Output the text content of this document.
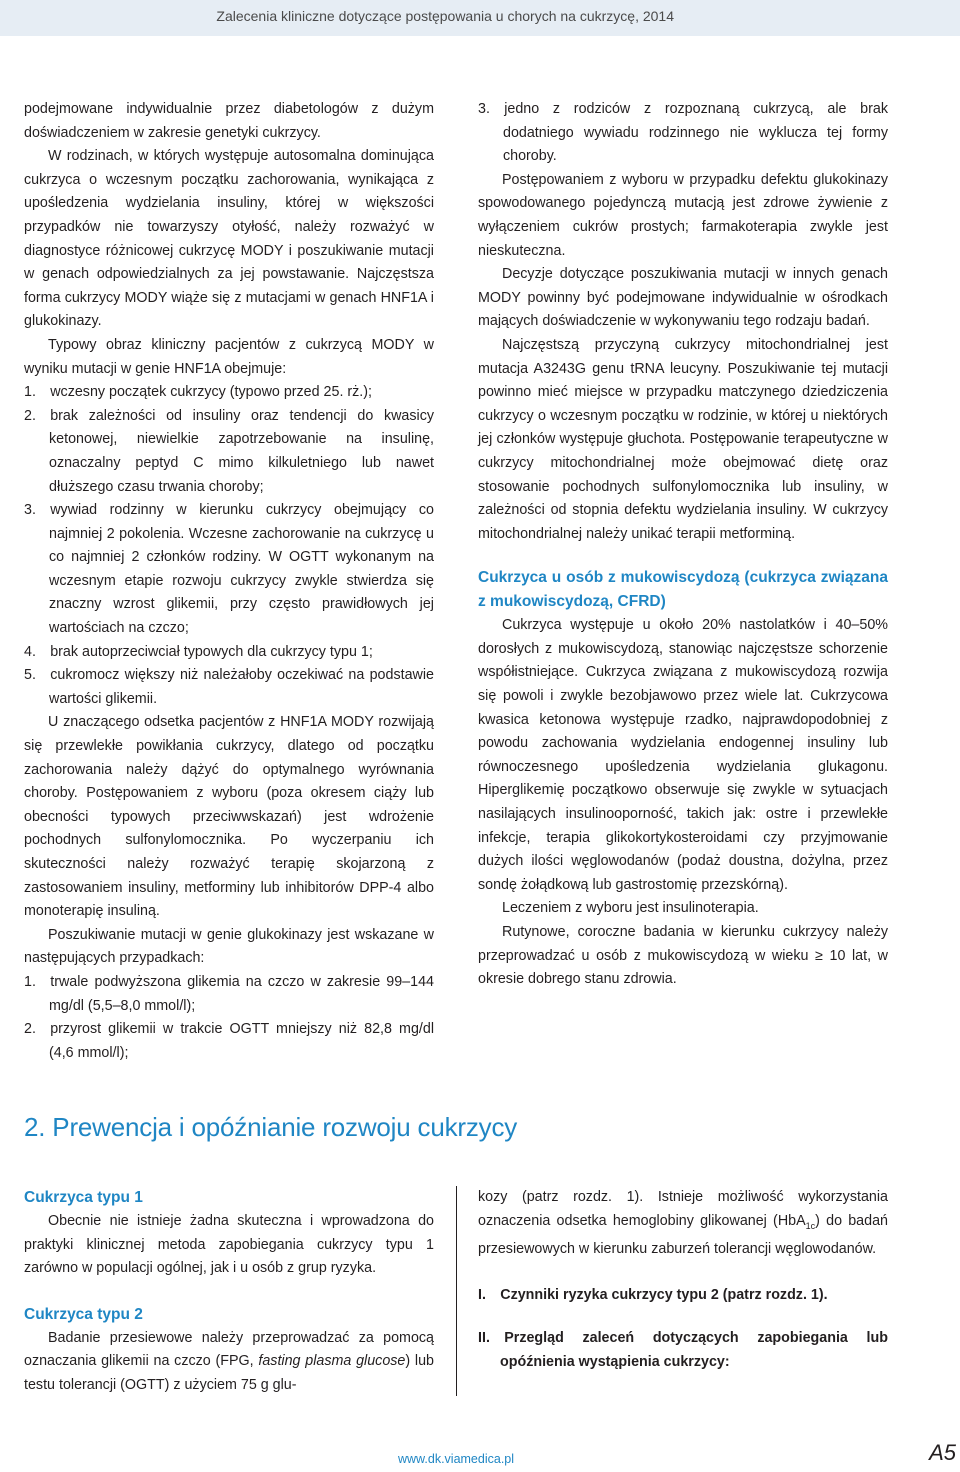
Zalecenia kliniczne dotyczące postępowania u chorych na cukrzycę, 2014

podejmowane indywidualnie przez diabetologów z dużym doświadczeniem w zakresie genetyki cukrzycy.

W rodzinach, w których występuje autosomalna dominująca cukrzyca o wczesnym początku zachorowania, wynikająca z upośledzenia wydzielania insuliny, której w większości przypadków nie towarzyszy otyłość, należy rozważyć w diagnostyce różnicowej cukrzycę MODY i poszukiwanie mutacji w genach odpowiedzialnych za jej powstawanie. Najczęstsza forma cukrzycy MODY wiąże się z mutacjami w genach HNF1A i glukokinazy.

Typowy obraz kliniczny pacjentów z cukrzycą MODY w wyniku mutacji w genie HNF1A obejmuje:

1. wczesny początek cukrzycy (typowo przed 25. rż.);

2. brak zależności od insuliny oraz tendencji do kwasicy ketonowej, niewielkie zapotrzebowanie na insulinę, oznaczalny peptyd C mimo kilkuletniego lub nawet dłuższego czasu trwania choroby;

3. wywiad rodzinny w kierunku cukrzycy obejmujący co najmniej 2 pokolenia. Wczesne zachorowanie na cukrzycę u co najmniej 2 członków rodziny. W OGTT wykonanym na wczesnym etapie rozwoju cukrzycy zwykle stwierdza się znaczny wzrost glikemii, przy często prawidłowych jej wartościach na czczo;

4. brak autoprzeciwciał typowych dla cukrzycy typu 1;

5. cukromocz większy niż należałoby oczekiwać na podstawie wartości glikemii.

U znaczącego odsetka pacjentów z HNF1A MODY rozwijają się przewlekłe powikłania cukrzycy, dlatego od początku zachorowania należy dążyć do optymalnego wyrównania choroby. Postępowaniem z wyboru (poza okresem ciąży lub obecności typowych przeciwwskazań) jest wdrożenie pochodnych sulfonylomocznika. Po wyczerpaniu ich skuteczności należy rozważyć terapię skojarzoną z zastosowaniem insuliny, metforminy lub inhibitorów DPP-4 albo monoterapię insuliną.

Poszukiwanie mutacji w genie glukokinazy jest wskazane w następujących przypadkach:

1. trwale podwyższona glikemia na czczo w zakresie 99–144 mg/dl (5,5–8,0 mmol/l);

2. przyrost glikemii w trakcie OGTT mniejszy niż 82,8 mg/dl (4,6 mmol/l);

3. jedno z rodziców z rozpoznaną cukrzycą, ale brak dodatniego wywiadu rodzinnego nie wyklucza tej formy choroby.

Postępowaniem z wyboru w przypadku defektu glukokinazy spowodowanego pojedynczą mutacją jest zdrowe żywienie z wyłączeniem cukrów prostych; farmakoterapia zwykle jest nieskuteczna.

Decyzje dotyczące poszukiwania mutacji w innych genach MODY powinny być podejmowane indywidualnie w ośrodkach mających doświadczenie w wykonywaniu tego rodzaju badań.

Najczęstszą przyczyną cukrzycy mitochondrialnej jest mutacja A3243G genu tRNA leucyny. Poszukiwanie tej mutacji powinno mieć miejsce w przypadku matczynego dziedziczenia cukrzycy o wczesnym początku w rodzinie, w której u niektórych jej członków występuje głuchota. Postępowanie terapeutyczne w cukrzycy mitochondrialnej może obejmować dietę oraz stosowanie pochodnych sulfonylomocznika lub insuliny, w zależności od stopnia defektu wydzielania insuliny. W cukrzycy mitochondrialnej należy unikać terapii metforminą.

Cukrzyca u osób z mukowiscydozą (cukrzyca związana z mukowiscydozą, CFRD)

Cukrzyca występuje u około 20% nastolatków i 40–50% dorosłych z mukowiscydozą, stanowiąc najczęstsze schorzenie współistniejące. Cukrzyca związana z mukowiscydozą rozwija się powoli i zwykle bezobjawowo przez wiele lat. Cukrzycowa kwasica ketonowa występuje rzadko, najprawdopodobniej z powodu zachowania wydzielania endogennej insuliny lub równoczesnego upośledzenia wydzielania glukagonu. Hiperglikemię początkowo obserwuje się zwykle w sytuacjach nasilających insulinooporność, takich jak: ostre i przewlekłe infekcje, terapia glikokortykosteroidami czy przyjmowanie dużych ilości węglowodanów (podaż doustna, dożylna, przez sondę żołądkową lub gastrostomię przezskórną).

Leczeniem z wyboru jest insulinoterapia.

Rutynowe, coroczne badania w kierunku cukrzycy należy przeprowadzać u osób z mukowiscydozą w wieku ≥ 10 lat, w okresie dobrego stanu zdrowia.

2. Prewencja i opóźnianie rozwoju cukrzycy

Cukrzyca typu 1

Obecnie nie istnieje żadna skuteczna i wprowadzona do praktyki klinicznej metoda zapobiegania cukrzycy typu 1 zarówno w populacji ogólnej, jak i u osób z grup ryzyka.

Cukrzyca typu 2

Badanie przesiewowe należy przeprowadzać za pomocą oznaczania glikemii na czczo (FPG, fasting plasma glucose) lub testu tolerancji (OGTT) z użyciem 75 g glu-

kozy (patrz rozdz. 1). Istnieje możliwość wykorzystania oznaczenia odsetka hemoglobiny glikowanej (HbA$_{1c}$) do badań przesiewowych w kierunku zaburzeń tolerancji węglowodanów.

I. Czynniki ryzyka cukrzycy typu 2 (patrz rozdz. 1).

II. Przegląd zaleceń dotyczących zapobiegania lub opóźnienia wystąpienia cukrzycy:

www.dk.viamedica.pl	A5
